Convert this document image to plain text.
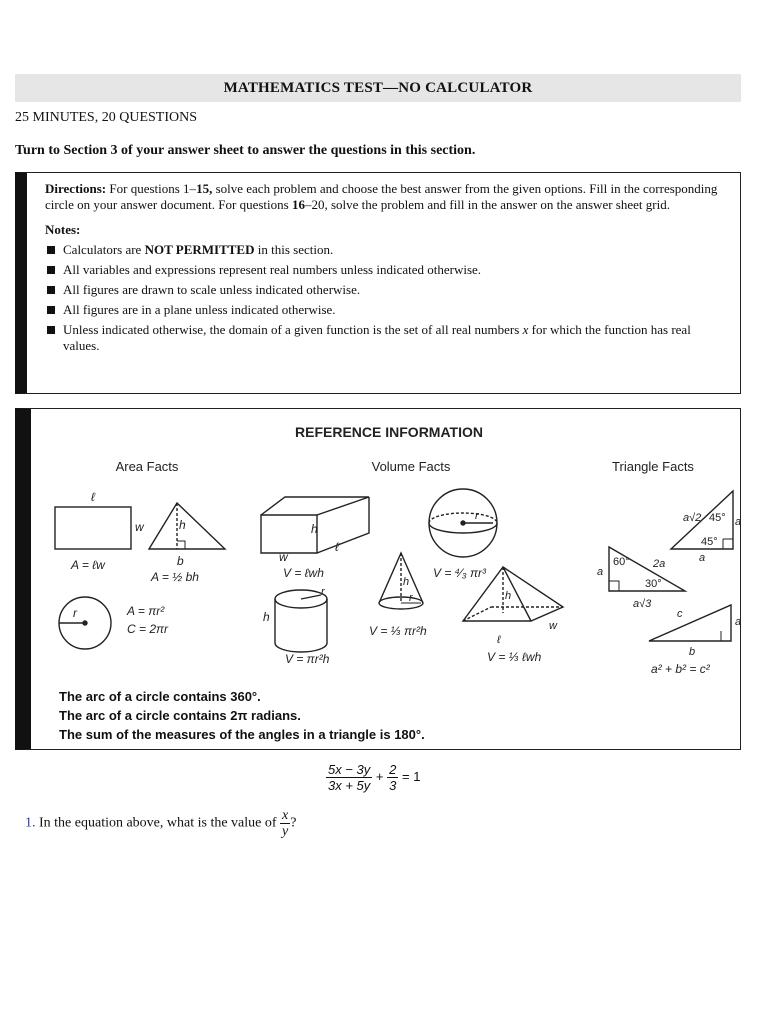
MATHEMATICS TEST—NO CALCULATOR
25 MINUTES, 20 QUESTIONS
Turn to Section 3 of your answer sheet to answer the questions in this section.

Directions: For questions 1–15, solve each problem and choose the best answer from the given options. Fill in the corresponding circle on your answer document. For questions 16–20, solve the problem and fill in the answer on the answer sheet grid.

Notes:

Calculators are NOT PERMITTED in this section.
All variables and expressions represent real numbers unless indicated otherwise.
All figures are drawn to scale unless indicated otherwise.
All figures are in a plane unless indicated otherwise.
Unless indicated otherwise, the domain of a given function is the set of all real numbers x for which the function has real values.
REFERENCE INFORMATION
Area Facts	Volume Facts	Triangle Facts
ℓ
w
A = ℓw
h
b
A = ½ bh
r	A = πr²
C = 2πr
h
ℓ
w
V = ℓwh
r
h
V = πr²h
r
V = ⁴⁄₃ πr³
h
r
V = ⅓ πr²h
h
w
ℓ
V = ⅓ ℓwh
a√2 45° a
45°
a
a
60° 2a
30°
a√3
c
a
b
a² + b² = c²
The arc of a circle contains 360°.
The arc of a circle contains 2π radians.
The sum of the measures of the angles in a triangle is 180°.
$\frac{5x - 3y}{3x + 5y} + \frac{2}{3} = 1$
1. In the equation above, what is the value of $\frac{x}{y}$ ?
